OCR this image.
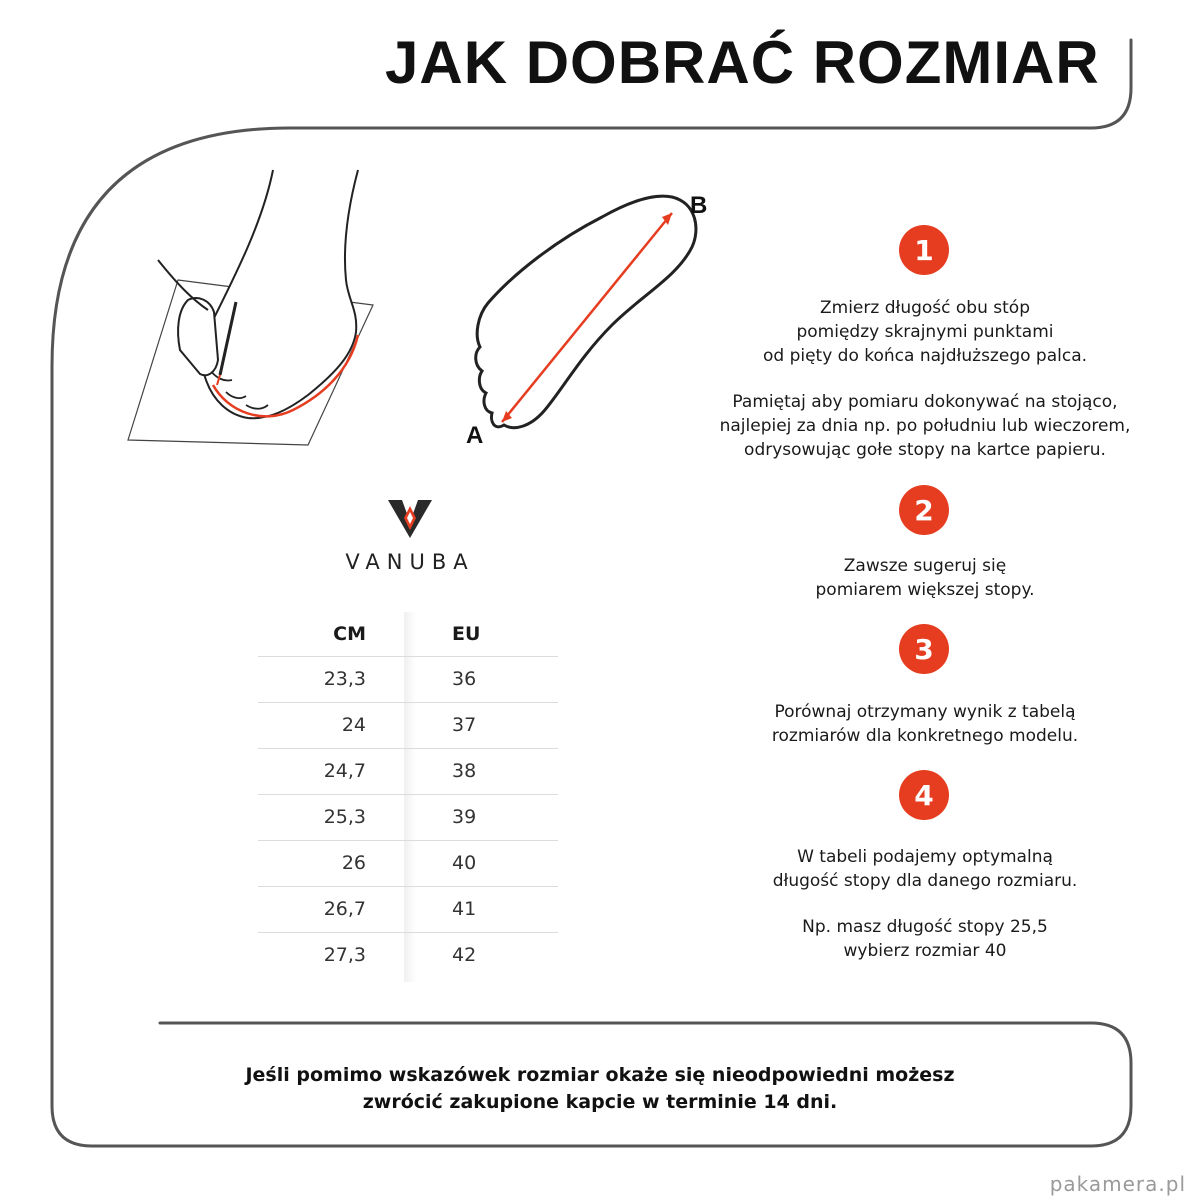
JAK DOBRAĆ ROZMIAR
A
B
1

Zmierz długość obu stóp

pomiędzy skrajnymi punktami

od pięty do końca najdłuższego palca.

Pamiętaj aby pomiaru dokonywać na stojąco,

najlepiej za dnia np. po południu lub wieczorem,

odrysowując gołe stopy na kartce papieru.

2

Zawsze sugeruj się

pomiarem większej stopy.

3

Porównaj otrzymany wynik z tabelą

rozmiarów dla konkretnego modelu.

4

W tabeli podajemy optymalną

długość stopy dla danego rozmiaru.

Np. masz długość stopy 25,5

wybierz rozmiar 40

VANUBA
CM	EU
23,3	36
24	37
24,7	38
25,3	39
26	40
26,7	41
27,3	42

Jeśli pomimo wskazówek rozmiar okaże się nieodpowiedni możesz

zwrócić zakupione kapcie w terminie 14 dni.

pakamera.pl
